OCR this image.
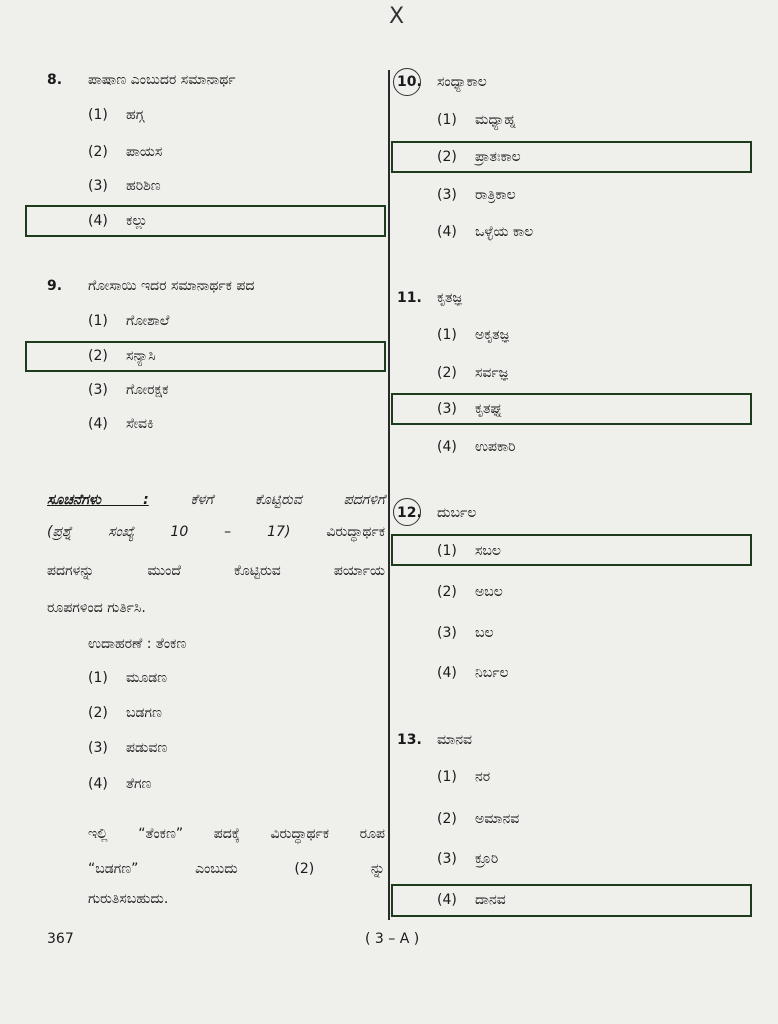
X
8. ಪಾಷಾಣ ಎಂಬುದರ ಸಮಾನಾರ್ಥ
(1) ಹಗ್ಗ
(2) ಪಾಯಸ
(3) ಹರಿಶಿಣ
(4) ಕಲ್ಲು
9. ಗೋಸಾಯಿ ಇದರ ಸಮಾನಾರ್ಥಕ ಪದ
(1) ಗೋಶಾಲೆ
(2) ಸನ್ಯಾಸಿ
(3) ಗೋರಕ್ಷಕ
(4) ಸೇವಕಿ
ಸೂಚನೆಗಳು :	ಕೆಳಗೆ ಕೊಟ್ಟಿರುವ ಪದಗಳಿಗೆ
(ಪ್ರಶ್ನೆ ಸಂಖ್ಯೆ 10 – 17)	ವಿರುದ್ಧಾರ್ಥಕ
ಪದಗಳನ್ನು ಮುಂದೆ ಕೊಟ್ಟಿರುವ ಪರ್ಯಾಯ
ರೂಪಗಳಿಂದ ಗುರ್ತಿಸಿ.
ಉದಾಹರಣೆ : ತೆಂಕಣ
(1) ಮೂಡಣ
(2) ಬಡಗಣ
(3) ಪಡುವಣ
(4) ತೆಗಣ
ಇಲ್ಲಿ “ತೆಂಕಣ” ಪದಕ್ಕೆ ವಿರುದ್ಧಾರ್ಥಕ ರೂಪ
“ಬಡಗಣ” ಎಂಬುದು (2) ನ್ನು
ಗುರುತಿಸಬಹುದು.
10. ಸಂಧ್ಯಾಕಾಲ
(1) ಮಧ್ಯಾಹ್ನ
(2) ಪ್ರಾತಃಕಾಲ
(3) ರಾತ್ರಿಕಾಲ
(4) ಒಳ್ಳೆಯ ಕಾಲ
11. ಕೃತಜ್ಞ
(1) ಅಕೃತಜ್ಞ
(2) ಸರ್ವಜ್ಞ
(3) ಕೃತಘ್ನ
(4) ಉಪಕಾರಿ
12. ದುರ್ಬಲ
(1) ಸಬಲ
(2) ಅಬಲ
(3) ಬಲ
(4) ನಿರ್ಬಲ
13. ಮಾನವ
(1) ನರ
(2) ಅಮಾನವ
(3) ಕ್ರೂರಿ
(4) ದಾನವ
367	( 3 – A )
